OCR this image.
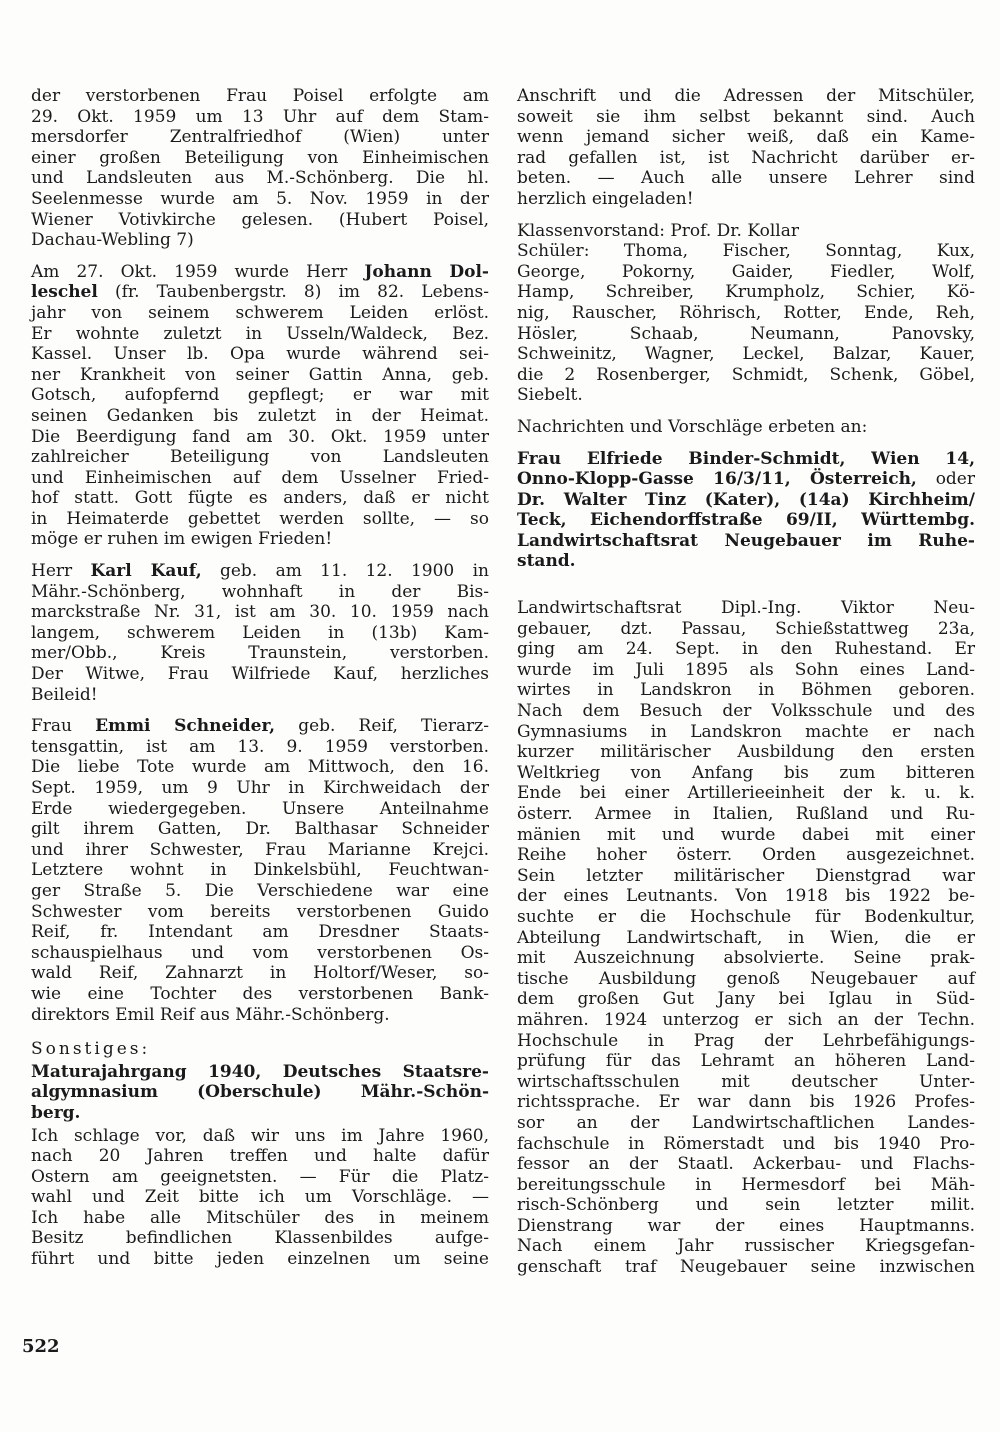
der verstorbenen Frau Poisel erfolgte am
29. Okt. 1959 um 13 Uhr auf dem Stam-
mersdorfer Zentralfriedhof (Wien) unter
einer großen Beteiligung von Einheimischen
und Landsleuten aus M.-Schönberg. Die hl.
Seelenmesse wurde am 5. Nov. 1959 in der
Wiener Votivkirche gelesen. (Hubert Poisel,
Dachau-Webling 7)
Am 27. Okt. 1959 wurde Herr Johann Dol-
leschel (fr. Taubenbergstr. 8) im 82. Lebens-
jahr von seinem schwerem Leiden erlöst.
Er wohnte zuletzt in Usseln/Waldeck, Bez.
Kassel. Unser lb. Opa wurde während sei-
ner Krankheit von seiner Gattin Anna, geb.
Gotsch, aufopfernd gepflegt; er war mit
seinen Gedanken bis zuletzt in der Heimat.
Die Beerdigung fand am 30. Okt. 1959 unter
zahlreicher Beteiligung von Landsleuten
und Einheimischen auf dem Usselner Fried-
hof statt. Gott fügte es anders, daß er nicht
in Heimaterde gebettet werden sollte, — so
möge er ruhen im ewigen Frieden!
Herr Karl Kauf, geb. am 11. 12. 1900 in
Mähr.-Schönberg, wohnhaft in der Bis-
marckstraße Nr. 31, ist am 30. 10. 1959 nach
langem, schwerem Leiden in (13b) Kam-
mer/Obb., Kreis Traunstein, verstorben.
Der Witwe, Frau Wilfriede Kauf, herzliches
Beileid!
Frau Emmi Schneider, geb. Reif, Tierarz-
tensgattin, ist am 13. 9. 1959 verstorben.
Die liebe Tote wurde am Mittwoch, den 16.
Sept. 1959, um 9 Uhr in Kirchweidach der
Erde wiedergegeben. Unsere Anteilnahme
gilt ihrem Gatten, Dr. Balthasar Schneider
und ihrer Schwester, Frau Marianne Krejci.
Letztere wohnt in Dinkelsbühl, Feuchtwan-
ger Straße 5. Die Verschiedene war eine
Schwester vom bereits verstorbenen Guido
Reif, fr. Intendant am Dresdner Staats-
schauspielhaus und vom verstorbenen Os-
wald Reif, Zahnarzt in Holtorf/Weser, so-
wie eine Tochter des verstorbenen Bank-
direktors Emil Reif aus Mähr.-Schönberg.
Sonstiges:
Maturajahrgang 1940, Deutsches Staatsre-
algymnasium (Oberschule) Mähr.-Schön-
berg.
Ich schlage vor, daß wir uns im Jahre 1960,
nach 20 Jahren treffen und halte dafür
Ostern am geeignetsten. — Für die Platz-
wahl und Zeit bitte ich um Vorschläge. —
Ich habe alle Mitschüler des in meinem
Besitz befindlichen Klassenbildes aufge-
führt und bitte jeden einzelnen um seine
Anschrift und die Adressen der Mitschüler,
soweit sie ihm selbst bekannt sind. Auch
wenn jemand sicher weiß, daß ein Kame-
rad gefallen ist, ist Nachricht darüber er-
beten. — Auch alle unsere Lehrer sind
herzlich eingeladen!
Klassenvorstand: Prof. Dr. Kollar
Schüler: Thoma, Fischer, Sonntag, Kux,
George, Pokorny, Gaider, Fiedler, Wolf,
Hamp, Schreiber, Krumpholz, Schier, Kö-
nig, Rauscher, Röhrisch, Rotter, Ende, Reh,
Hösler, Schaab, Neumann, Panovsky,
Schweinitz, Wagner, Leckel, Balzar, Kauer,
die 2 Rosenberger, Schmidt, Schenk, Göbel,
Siebelt.
Nachrichten und Vorschläge erbeten an:
Frau Elfriede Binder-Schmidt, Wien 14,
Onno-Klopp-Gasse 16/3/11, Österreich, oder
Dr. Walter Tinz (Kater), (14a) Kirchheim/
Teck, Eichendorffstraße 69/II, Württembg.
Landwirtschaftsrat Neugebauer im Ruhe-
stand.
Landwirtschaftsrat Dipl.-Ing. Viktor Neu-
gebauer, dzt. Passau, Schießstattweg 23a,
ging am 24. Sept. in den Ruhestand. Er
wurde im Juli 1895 als Sohn eines Land-
wirtes in Landskron in Böhmen geboren.
Nach dem Besuch der Volksschule und des
Gymnasiums in Landskron machte er nach
kurzer militärischer Ausbildung den ersten
Weltkrieg von Anfang bis zum bitteren
Ende bei einer Artillerieeinheit der k. u. k.
österr. Armee in Italien, Rußland und Ru-
mänien mit und wurde dabei mit einer
Reihe hoher österr. Orden ausgezeichnet.
Sein letzter militärischer Dienstgrad war
der eines Leutnants. Von 1918 bis 1922 be-
suchte er die Hochschule für Bodenkultur,
Abteilung Landwirtschaft, in Wien, die er
mit Auszeichnung absolvierte. Seine prak-
tische Ausbildung genoß Neugebauer auf
dem großen Gut Jany bei Iglau in Süd-
mähren. 1924 unterzog er sich an der Techn.
Hochschule in Prag der Lehrbefähigungs-
prüfung für das Lehramt an höheren Land-
wirtschaftsschulen mit deutscher Unter-
richtssprache. Er war dann bis 1926 Profes-
sor an der Landwirtschaftlichen Landes-
fachschule in Römerstadt und bis 1940 Pro-
fessor an der Staatl. Ackerbau- und Flachs-
bereitungsschule in Hermesdorf bei Mäh-
risch-Schönberg und sein letzter milit.
Dienstrang war der eines Hauptmanns.
Nach einem Jahr russischer Kriegsgefan-
genschaft traf Neugebauer seine inzwischen
522
